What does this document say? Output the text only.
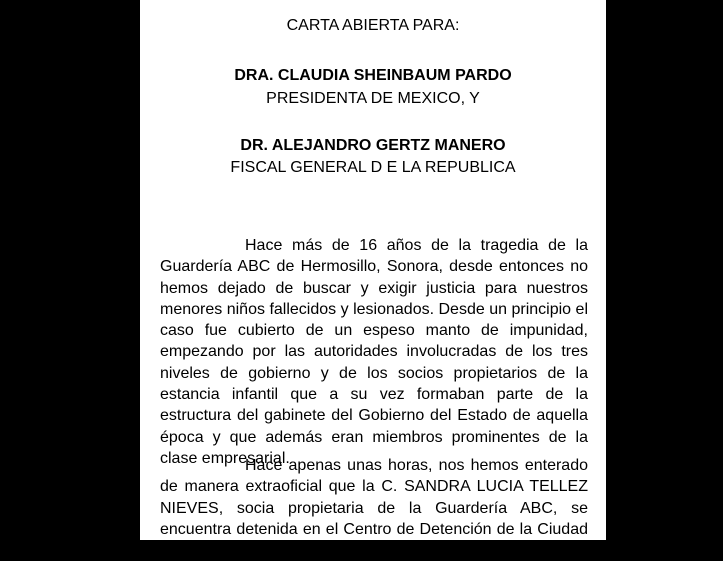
CARTA ABIERTA PARA:
DRA. CLAUDIA SHEINBAUM PARDO
PRESIDENTA DE MEXICO, Y
DR. ALEJANDRO GERTZ MANERO
FISCAL GENERAL D E LA REPUBLICA
Hace más de 16 años de la tragedia de la Guardería ABC de Hermosillo, Sonora, desde entonces no hemos dejado de buscar y exigir justicia para nuestros menores niños fallecidos y lesionados. Desde un principio el caso fue cubierto de un espeso manto de impunidad, empezando por las autoridades involucradas de los tres niveles de gobierno y de los socios propietarios de la estancia infantil que a su vez formaban parte de la estructura del gabinete del Gobierno del Estado de aquella época y que además eran miembros prominentes de la clase empresarial.
Hace apenas unas horas, nos hemos enterado de manera extraoficial que la C. SANDRA LUCIA TELLEZ NIEVES, socia propietaria de la Guardería ABC, se encuentra detenida en el Centro de Detención de la Ciudad de Eloy
